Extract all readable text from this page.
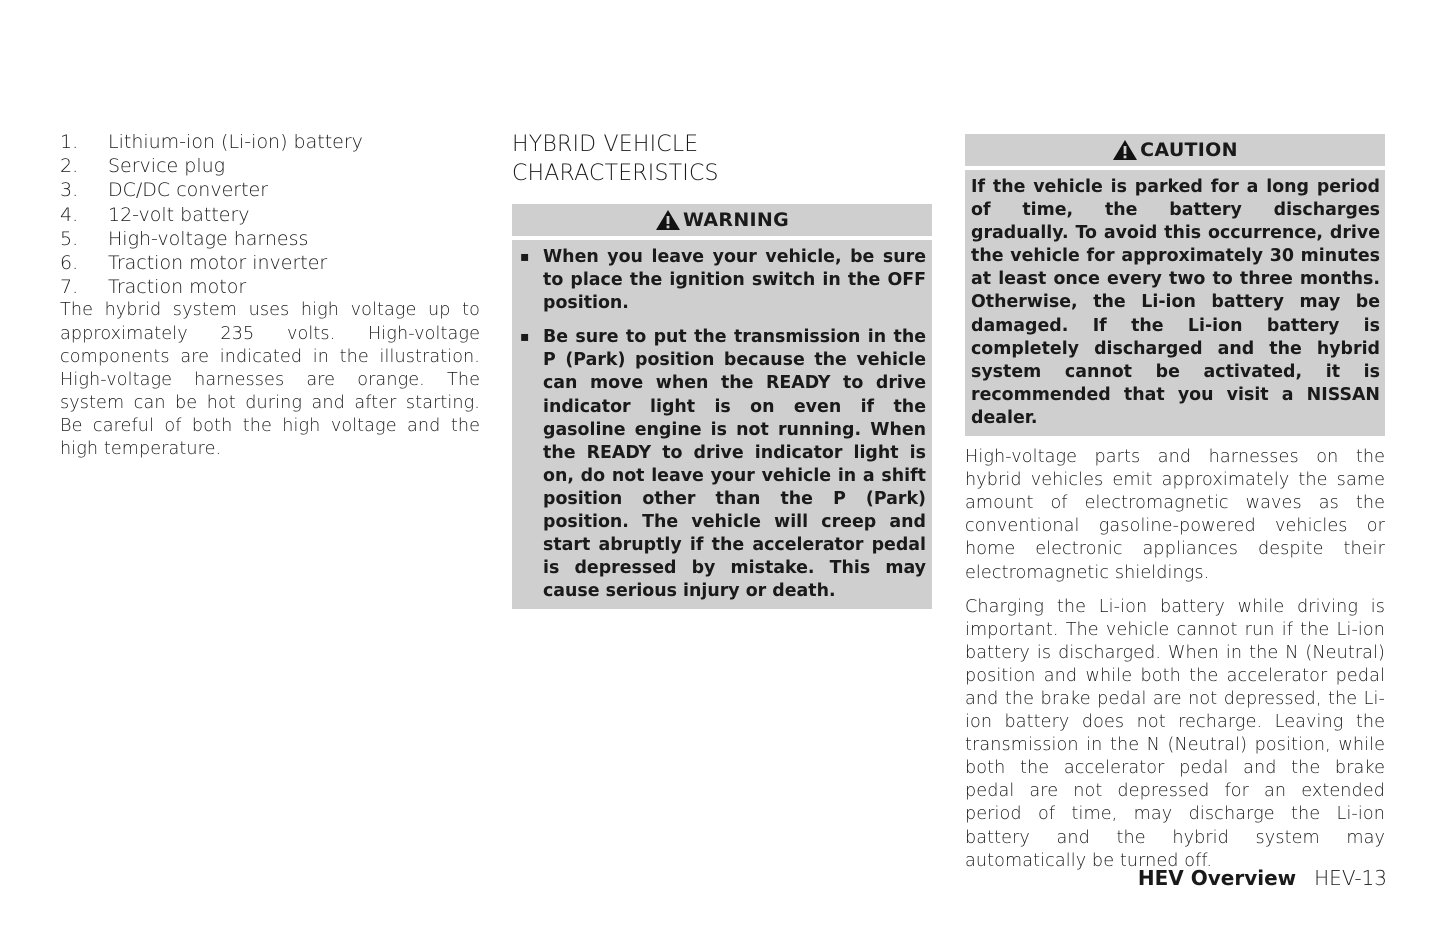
1.	Lithium-ion (Li-ion) battery
2.	Service plug
3.	DC/DC converter
4.	12-volt battery
5.	High-voltage harness
6.	Traction motor inverter
7.	Traction motor

The hybrid system uses high voltage up to approximately 235 volts. High-voltage components are indicated in the illustration. High-voltage harnesses are orange. The system can be hot during and after starting. Be careful of both the high voltage and the high temperature.

HYBRID VEHICLE
CHARACTERISTICS
WARNING
▪ When you leave your vehicle, be sure to place the ignition switch in the OFF position.
▪ Be sure to put the transmission in the P (Park) position because the vehicle can move when the READY to drive indicator light is on even if the gasoline engine is not running. When the READY to drive indicator light is on, do not leave your vehicle in a shift position other than the P (Park) position. The vehicle will creep and start abruptly if the accelerator pedal is depressed by mistake. This may cause serious injury or death.
CAUTION
If the vehicle is parked for a long period of time, the battery discharges gradually. To avoid this occurrence, drive the vehicle for approximately 30 minutes at least once every two to three months. Otherwise, the Li-ion battery may be damaged. If the Li-ion battery is completely discharged and the hybrid system cannot be activated, it is recommended that you visit a NISSAN dealer.

High-voltage parts and harnesses on the hybrid vehicles emit approximately the same amount of electromagnetic waves as the conventional gasoline-powered vehicles or home electronic appliances despite their electromagnetic shieldings.

Charging the Li-ion battery while driving is important. The vehicle cannot run if the Li-ion battery is discharged. When in the N (Neutral) position and while both the accelerator pedal and the brake pedal are not depressed, the Li-ion battery does not recharge. Leaving the transmission in the N (Neutral) position, while both the accelerator pedal and the brake pedal are not depressed for an extended period of time, may discharge the Li-ion battery and the hybrid system may automatically be turned off.

HEV Overview HEV-13
